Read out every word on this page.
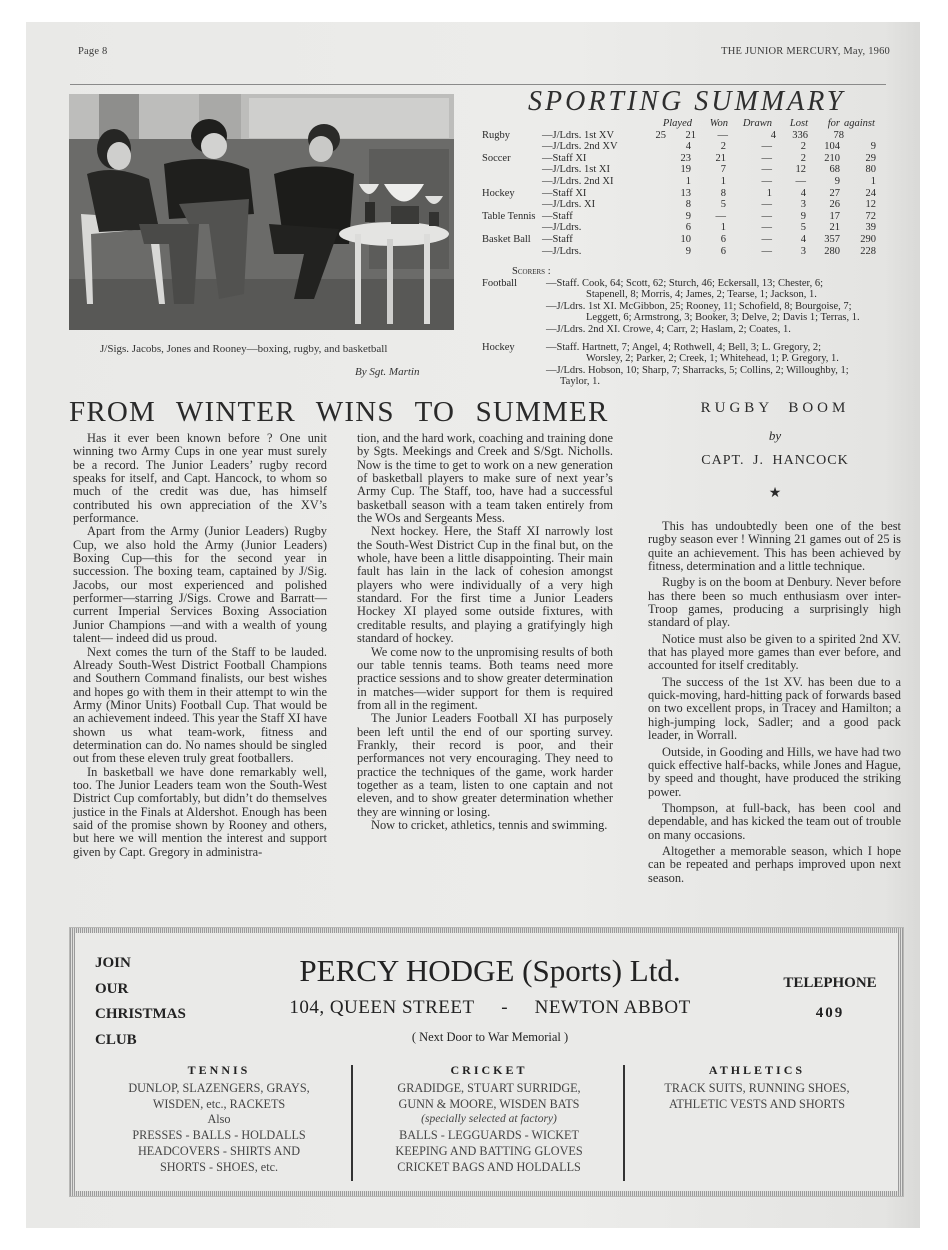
Page 8	THE JUNIOR MERCURY, May, 1960
J/Sigs. Jacobs, Jones and Rooney—boxing, rugby, and basketball
By Sgt. Martin
SPORTING SUMMARY
Played	Won	Drawn	Lost	for against
Rugby	—J/Ldrs. 1st XV	25	21	—	4	336	78
—J/Ldrs. 2nd XV	4	2	—	2	104	9
Soccer	—Staff XI	23	21	—	2	210	29
—J/Ldrs. 1st XI	19	7	—	12	68	80
—J/Ldrs. 2nd XI	1	1	—	—	9	1
Hockey	—Staff XI	13	8	1	4	27	24
—J/Ldrs. XI	8	5	—	3	26	12
Table Tennis —Staff	9	—	—	9	17	72
—J/Ldrs.	6	1	—	5	21	39
Basket Ball —Staff	10	6	—	4	357	290
—J/Ldrs.	9	6	—	3	280	228
Scorers :
Football	—Staff. Cook, 64; Scott, 62; Sturch, 46; Eckersall, 13; Chester, 6;
Stapenell, 8; Morris, 4; James, 2; Tearse, 1; Jackson, 1.
—J/Ldrs. 1st XI. McGibbon, 25; Rooney, 11; Schofield, 8; Bourgoise, 7;
Leggett, 6; Armstrong, 3; Booker, 3; Delve, 2; Davis 1; Terras, 1.
—J/Ldrs. 2nd XI. Crowe, 4; Carr, 2; Haslam, 2; Coates, 1.
Hockey	—Staff. Hartnett, 7; Angel, 4; Rothwell, 4; Bell, 3; L. Gregory, 2;
Worsley, 2; Parker, 2; Creek, 1; Whitehead, 1; P. Gregory, 1.
—J/Ldrs. Hobson, 10; Sharp, 7; Sharracks, 5; Collins, 2; Willoughby, 1;
Taylor, 1.
FROM WINTER WINS TO SUMMER

Has it ever been known before ? One unit winning two Army Cups in one year must surely be a record. The Junior Leaders’ rugby record speaks for itself, and Capt. Hancock, to whom so much of the credit was due, has himself contributed his own appreciation of the XV’s performance.

Apart from the Army (Junior Leaders) Rugby Cup, we also hold the Army (Junior Leaders) Boxing Cup—this for the second year in succession. The boxing team, captained by J/Sig. Jacobs, our most experienced and polished performer—starring J/Sigs. Crowe and Barratt—current Imperial Services Boxing Association Junior Champions —and with a wealth of young talent— indeed did us proud.

Next comes the turn of the Staff to be lauded. Already South-West District Football Champions and Southern Command finalists, our best wishes and hopes go with them in their attempt to win the Army (Minor Units) Football Cup. That would be an achievement indeed. This year the Staff XI have shown us what team-work, fitness and determination can do. No names should be singled out from these eleven truly great footballers.

In basketball we have done remarkably well, too. The Junior Leaders team won the South-West District Cup comfortably, but didn’t do themselves justice in the Finals at Aldershot. Enough has been said of the promise shown by Rooney and others, but here we will mention the interest and support given by Capt. Gregory in administra-

tion, and the hard work, coaching and training done by Sgts. Meekings and Creek and S/Sgt. Nicholls. Now is the time to get to work on a new generation of basketball players to make sure of next year’s Army Cup. The Staff, too, have had a successful basketball season with a team taken entirely from the WOs and Sergeants Mess.

Next hockey. Here, the Staff XI narrowly lost the South-West District Cup in the final but, on the whole, have been a little disappointing. Their main fault has lain in the lack of cohesion amongst players who were individually of a very high standard. For the first time a Junior Leaders Hockey XI played some outside fixtures, with creditable results, and playing a gratifyingly high standard of hockey.

We come now to the unpromising results of both our table tennis teams. Both teams need more practice sessions and to show greater determination in matches—wider support for them is required from all in the regiment.

The Junior Leaders Football XI has purposely been left until the end of our sporting survey. Frankly, their record is poor, and their performances not very encouraging. They need to practice the techniques of the game, work harder together as a team, listen to one captain and not eleven, and to show greater determination whether they are winning or losing.

Now to cricket, athletics, tennis and swimming.

RUGBY BOOM
by
CAPT. J. HANCOCK
★

This has undoubtedly been one of the best rugby season ever ! Winning 21 games out of 25 is quite an achievement. This has been achieved by fitness, determination and a little technique.

Rugby is on the boom at Denbury. Never before has there been so much enthusiasm over inter-Troop games, producing a surprisingly high standard of play.

Notice must also be given to a spirited 2nd XV. that has played more games than ever before, and accounted for itself creditably.

The success of the 1st XV. has been due to a quick-moving, hard-hitting pack of forwards based on two excellent props, in Tracey and Hamilton; a high-jumping lock, Sadler; and a good pack leader, in Worrall.

Outside, in Gooding and Hills, we have had two quick effective half-backs, while Jones and Hague, by speed and thought, have produced the striking power.

Thompson, at full-back, has been cool and dependable, and has kicked the team out of trouble on many occasions.

Altogether a memorable season, which I hope can be repeated and perhaps improved upon next season.

JOIN
OUR
CHRISTMAS
CLUB
PERCY HODGE (Sports) Ltd.
104, QUEEN STREET - NEWTON ABBOT
( Next Door to War Memorial )
TELEPHONE
409
TENNIS
DUNLOP, SLAZENGERS, GRAYS,
WISDEN, etc., RACKETS
Also
PRESSES - BALLS - HOLDALLS
HEADCOVERS - SHIRTS AND
SHORTS - SHOES, etc.
CRICKET
GRADIDGE, STUART SURRIDGE,
GUNN & MOORE, WISDEN BATS
(specially selected at factory)
BALLS - LEGGUARDS - WICKET
KEEPING AND BATTING GLOVES
CRICKET BAGS AND HOLDALLS
ATHLETICS
TRACK SUITS, RUNNING SHOES,
ATHLETIC VESTS AND SHORTS
